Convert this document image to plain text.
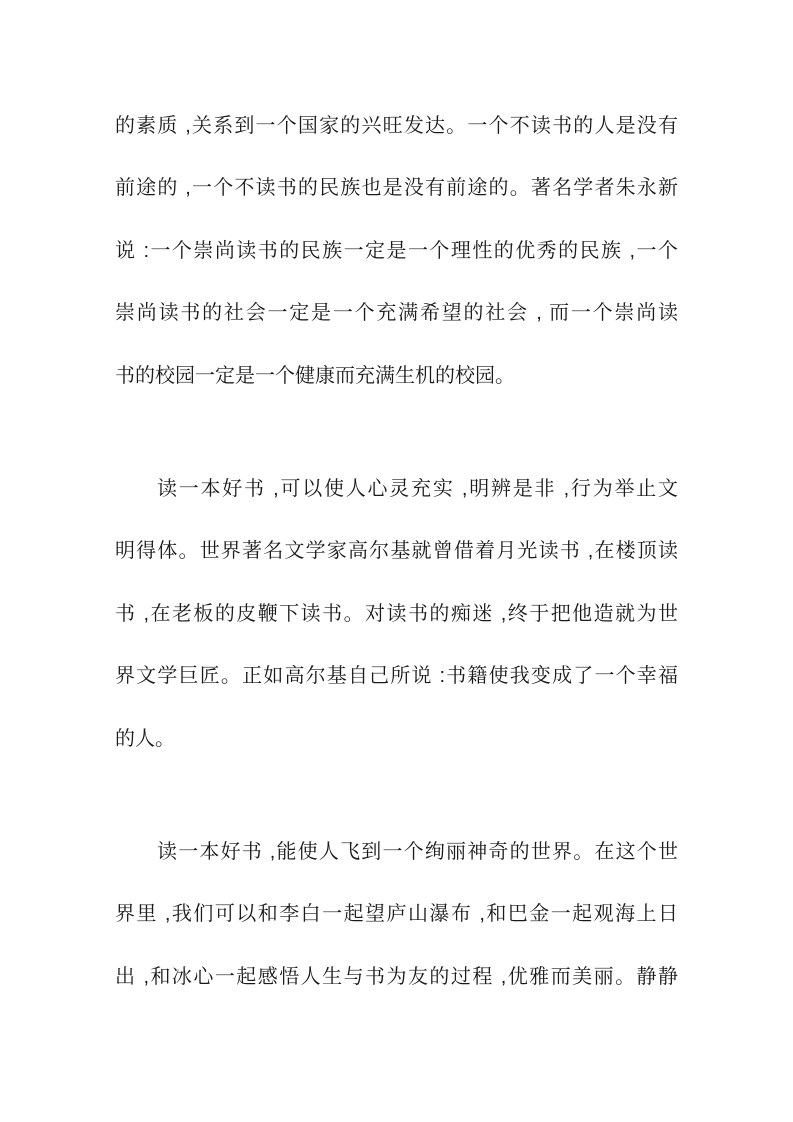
的素质 ,关系到一个国家的兴旺发达。一个不读书的人是没有
前途的 ,一个不读书的民族也是没有前途的。著名学者朱永新
说 :一个崇尚读书的民族一定是一个理性的优秀的民族 ,一个
崇尚读书的社会一定是一个充满希望的社会 , 而一个崇尚读
书的校园一定是一个健康而充满生机的校园。
读一本好书 ,可以使人心灵充实 ,明辨是非 ,行为举止文
明得体。世界著名文学家高尔基就曾借着月光读书 ,在楼顶读
书 ,在老板的皮鞭下读书。对读书的痴迷 ,终于把他造就为世
界文学巨匠。正如高尔基自己所说 :书籍使我变成了一个幸福
的人。
读一本好书 ,能使人飞到一个绚丽神奇的世界。在这个世
界里 ,我们可以和李白一起望庐山瀑布 ,和巴金一起观海上日
出 ,和冰心一起感悟人生与书为友的过程 ,优雅而美丽。静静
